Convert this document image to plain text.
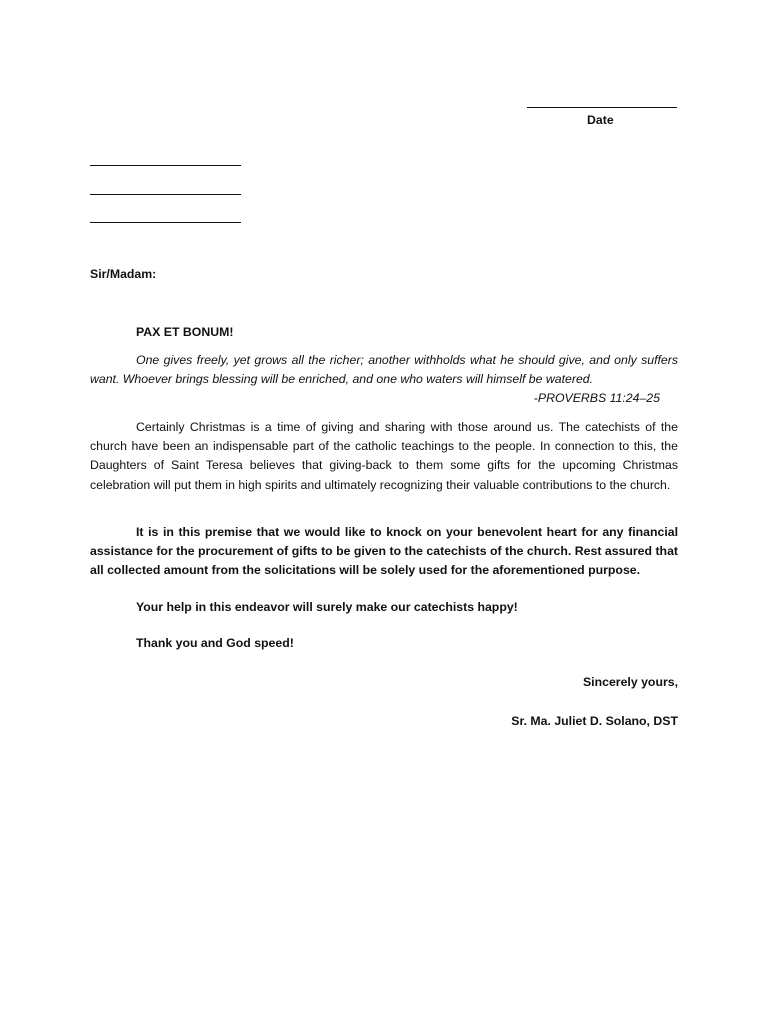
Date
Sir/Madam:
PAX ET BONUM!

One gives freely, yet grows all the richer; another withholds what he should give, and only suffers want. Whoever brings blessing will be enriched, and one who waters will himself be watered.

-PROVERBS 11:24–25

Certainly Christmas is a time of giving and sharing with those around us. The catechists of the church have been an indispensable part of the catholic teachings to the people. In connection to this, the Daughters of Saint Teresa believes that giving-back to them some gifts for the upcoming Christmas celebration will put them in high spirits and ultimately recognizing their valuable contributions to the church.

It is in this premise that we would like to knock on your benevolent heart for any financial assistance for the procurement of gifts to be given to the catechists of the church. Rest assured that all collected amount from the solicitations will be solely used for the aforementioned purpose.

Your help in this endeavor will surely make our catechists happy!
Thank you and God speed!
Sincerely yours,
Sr. Ma. Juliet D. Solano, DST
